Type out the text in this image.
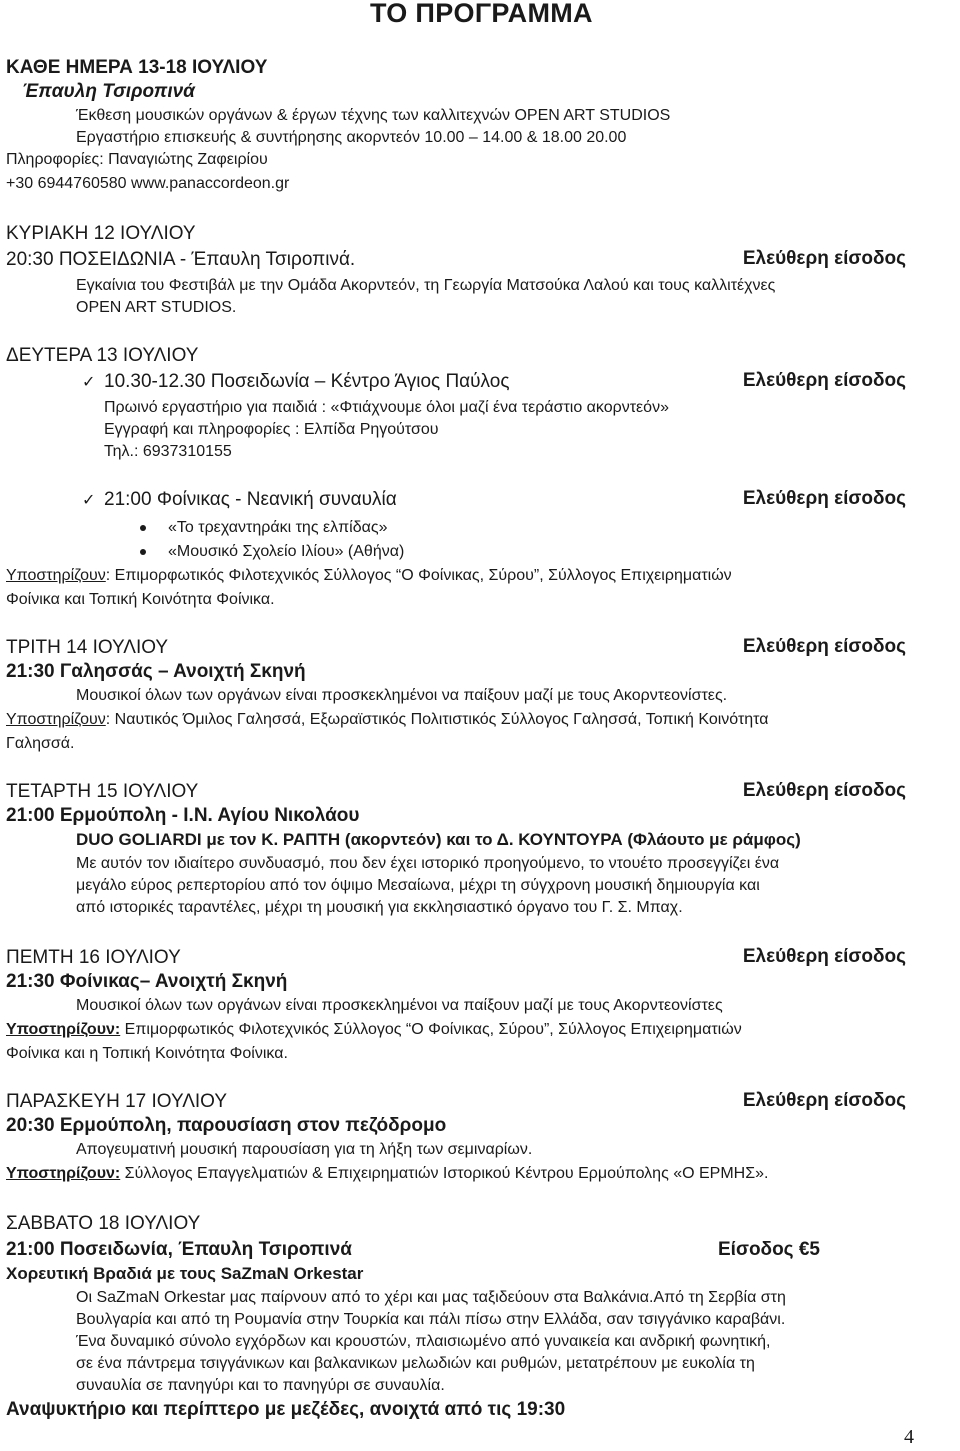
ΤΟ ΠΡΟΓΡΑΜΜΑ
ΚΑΘΕ ΗΜΕΡΑ 13-18 ΙΟΥΛΙΟΥ
Έπαυλη Τσιροπινά
Έκθεση μουσικών οργάνων & έργων τέχνης των καλλιτεχνών OPEN ART STUDIOS
Εργαστήριο επισκευής & συντήρησης ακορντεόν 10.00 – 14.00 & 18.00 20.00
Πληροφορίες: Παναγιώτης Ζαφειρίου
+30 6944760580 www.panaccordeon.gr
ΚΥΡΙΑΚΗ 12 ΙΟΥΛΙΟΥ
20:30 ΠΟΣΕΙΔΩΝΙΑ - Έπαυλη Τσιροπινά.	Ελεύθερη είσοδος
Εγκαίνια του Φεστιβάλ με την Ομάδα Ακορντεόν, τη Γεωργία Ματσούκα Λαλού και τους καλλιτέχνες
OPEN ART STUDIOS.
ΔΕΥΤΕΡΑ 13 ΙΟΥΛΙΟΥ
✓ 10.30-12.30 Ποσειδωνία – Κέντρο Άγιος Παύλος	Ελεύθερη είσοδος
Πρωινό εργαστήριο για παιδιά : «Φτιάχνουμε όλοι μαζί ένα τεράστιο ακορντεόν»
Εγγραφή και πληροφορίες : Ελπίδα Ρηγούτσου
Τηλ.: 6937310155
✓ 21:00 Φοίνικας - Νεανική συναυλία	Ελεύθερη είσοδος
«Το τρεχαντηράκι της ελπίδας»
«Μουσικό Σχολείο Ιλίου» (Αθήνα)
Υποστηρίζουν: Επιμορφωτικός Φιλοτεχνικός Σύλλογος “Ο Φοίνικας, Σύρου”, Σύλλογος Επιχειρηματιών
Φοίνικα και Τοπική Κοινότητα Φοίνικα.
ΤΡΙΤΗ 14 ΙΟΥΛΙΟΥ	Ελεύθερη είσοδος
21:30 Γαλησσάς – Ανοιχτή Σκηνή
Μουσικοί όλων των οργάνων είναι προσκεκλημένοι να παίξουν μαζί με τους Ακορντεονίστες.
Υποστηρίζουν: Ναυτικός Όμιλος Γαλησσά, Εξωραϊστικός Πολιτιστικός Σύλλογος Γαλησσά, Τοπική Κοινότητα
Γαλησσά.
ΤΕΤΑΡΤΗ 15 ΙΟΥΛΙΟΥ	Ελεύθερη είσοδος
21:00 Ερμούπολη - Ι.Ν. Αγίου Νικολάου
DUO GOLIARDI με τον Κ. ΡΑΠΤΗ (ακορντεόν) και το Δ. ΚΟΥΝΤΟΥΡΑ (Φλάουτο με ράμφος)
Με αυτόν τον ιδιαίτερο συνδυασμό, που δεν έχει ιστορικό προηγούμενο, το ντουέτο προσεγγίζει ένα
μεγάλο εύρος ρεπερτορίου από τον όψιμο Μεσαίωνα, μέχρι τη σύγχρονη μουσική δημιουργία και
από ιστορικές ταραντέλες, μέχρι τη μουσική για εκκλησιαστικό όργανο του Γ. Σ. Μπαχ.
ΠΕΜΤΗ 16 ΙΟΥΛΙΟΥ	Ελεύθερη είσοδος
21:30 Φοίνικας– Ανοιχτή Σκηνή
Μουσικοί όλων των οργάνων είναι προσκεκλημένοι να παίξουν μαζί με τους Ακορντεονίστες
Υποστηρίζουν: Επιμορφωτικός Φιλοτεχνικός Σύλλογος “Ο Φοίνικας, Σύρου”, Σύλλογος Επιχειρηματιών
Φοίνικα και η Τοπική Κοινότητα Φοίνικα.
ΠΑΡΑΣΚΕΥΗ 17 ΙΟΥΛΙΟΥ	Ελεύθερη είσοδος
20:30 Ερμούπολη, παρουσίαση στον πεζόδρομο
Απογευματινή μουσική παρουσίαση για τη λήξη των σεμιναρίων.
Υποστηρίζουν: Σύλλογος Επαγγελματιών & Επιχειρηματιών Ιστορικού Κέντρου Ερμούπολης «Ο ΕΡΜΗΣ».
ΣΑΒΒΑΤΟ 18 ΙΟΥΛΙΟΥ
21:00 Ποσειδωνία, Έπαυλη Τσιροπινά	Είσοδος €5
Χορευτική Βραδιά με τους SaZmaN Orkestar
Οι SaZmaN Orkestar μας παίρνουν από το χέρι και μας ταξιδεύουν στα Βαλκάνια.Από τη Σερβία στη
Βουλγαρία και από τη Ρουμανία στην Τουρκία και πάλι πίσω στην Ελλάδα, σαν τσιγγάνικο καραβάνι.
Ένα δυναμικό σύνολο εγχόρδων και κρουστών, πλαισιωμένο από γυναικεία και ανδρική φωνητική,
σε ένα πάντρεμα τσιγγάνικων και βαλκανικων μελωδιών και ρυθμών, μετατρέπουν με ευκολία τη
συναυλία σε πανηγύρι και το πανηγύρι σε συναυλία.
Αναψυκτήριο και περίπτερο με μεζέδες, ανοιχτά από τις 19:30
4
